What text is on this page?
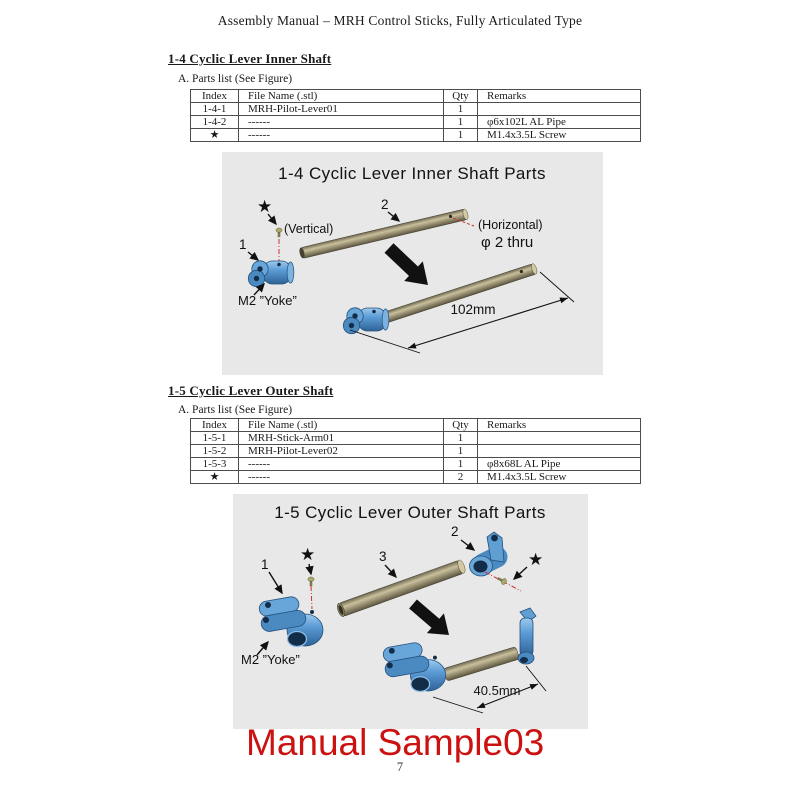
Assembly Manual – MRH Control Sticks, Fully Articulated Type
1-4 Cyclic Lever Inner Shaft
A. Parts list (See Figure)
Index	File Name (.stl)	Qty	Remarks
1-4-1	MRH-Pilot-Lever01	1	
1-4-2	------	1	φ6x102L AL Pipe
★	------	1	M1.4x3.5L Screw
1-4 Cyclic Lever Inner Shaft Parts
★
(Vertical)
1
2
(Horizontal)
φ 2 thru
M2 ”Yoke”
102mm
1-5 Cyclic Lever Outer Shaft
A. Parts list (See Figure)
Index	File Name (.stl)	Qty	Remarks
1-5-1	MRH-Stick-Arm01	1	
1-5-2	MRH-Pilot-Lever02	1	
1-5-3	------	1	φ8x68L AL Pipe
★	------	2	M1.4x3.5L Screw
1-5 Cyclic Lever Outer Shaft Parts
2
★
★
1
3
M2 ”Yoke”
40.5mm
Manual Sample03
7
